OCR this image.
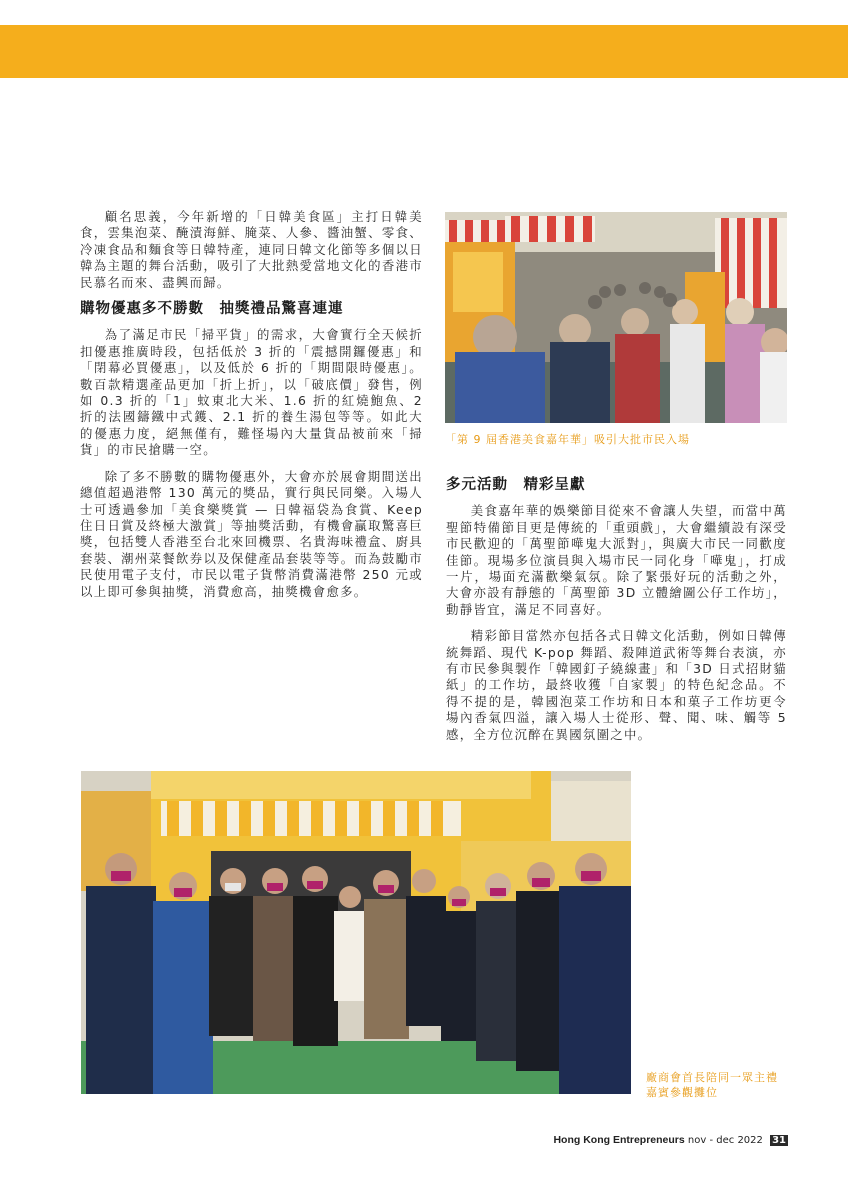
顧名思義，今年新增的「日韓美食區」主打日韓美食，雲集泡菜、醃漬海鮮、腌菜、人參、醬油蟹、零食、冷凍食品和麵食等日韓特產，連同日韓文化節等多個以日韓為主題的舞台活動，吸引了大批熱愛當地文化的香港市民慕名而來、盡興而歸。

購物優惠多不勝數　抽獎禮品驚喜連連

為了滿足市民「掃平貨」的需求，大會實行全天候折扣優惠推廣時段，包括低於 3 折的「震撼開鑼優惠」和「閉幕必買優惠」，以及低於 6 折的「期間限時優惠」。數百款精選產品更加「折上折」，以「破底價」發售，例如 0.3 折的「1」蚊東北大米、1.6 折的紅燒鮑魚、2 折的法國鑄鐵中式鑊、2.1 折的養生湯包等等。如此大的優惠力度，絕無僅有，難怪場內大量貨品被前來「掃貨」的市民搶購一空。

除了多不勝數的購物優惠外，大會亦於展會期間送出總值超過港幣 130 萬元的獎品，實行與民同樂。入場人士可透過參加「美食樂獎賞 — 日韓福袋為食賞、Keep 住日日賞及終極大激賞」等抽獎活動，有機會贏取驚喜巨獎，包括雙人香港至台北來回機票、名貴海味禮盒、廚具套裝、潮州菜餐飲券以及保健產品套裝等等。而為鼓勵市民使用電子支付，市民以電子貨幣消費滿港幣 250 元或以上即可參與抽獎，消費愈高，抽獎機會愈多。

「第 9 屆香港美食嘉年華」吸引大批市民入場
多元活動　精彩呈獻

美食嘉年華的娛樂節目從來不會讓人失望，而當中萬聖節特備節目更是傳統的「重頭戲」，大會繼續設有深受市民歡迎的「萬聖節嘩鬼大派對」，與廣大市民一同歡度佳節。現場多位演員與入場市民一同化身「嘩鬼」，打成一片，場面充滿歡樂氣氛。除了緊張好玩的活動之外，大會亦設有靜態的「萬聖節 3D 立體繪圖公仔工作坊」，動靜皆宜，滿足不同喜好。

精彩節目當然亦包括各式日韓文化活動，例如日韓傳統舞蹈、現代 K-pop 舞蹈、殺陣道武術等舞台表演，亦有市民參與製作「韓國釘子繞線畫」和「3D 日式招財貓紙」的工作坊，最終收獲「自家製」的特色紀念品。不得不提的是，韓國泡菜工作坊和日本和菓子工作坊更令場內香氣四溢，讓入場人士從形、聲、聞、味、觸等 5 感，全方位沉醉在異國氛圍之中。

廠商會首長陪同一眾主禮嘉賓參觀攤位
Hong Kong Entrepreneurs nov - dec 2022 31
